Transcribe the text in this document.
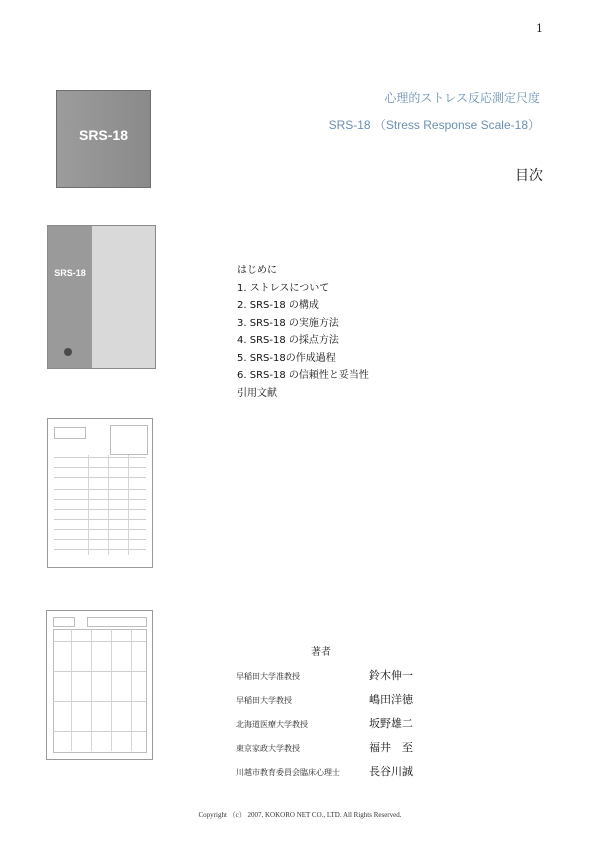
1
SRS-18
心理的ストレス反応測定尺度
SRS-18 （Stress Response Scale-18）
目次
SRS-18	はじめに
1. ストレスについて
2. SRS-18 の構成
3. SRS-18 の実施方法
4. SRS-18 の採点方法
5. SRS-18の作成過程
6. SRS-18 の信頼性と妥当性
引用文献
著者
早稲田大学准教授	鈴木伸一
早稲田大学教授	嶋田洋徳
北海道医療大学教授	坂野雄二
東京家政大学教授	福井　至
川越市教育委員会臨床心理士	長谷川誠
Copyright （c） 2007, KOKORO NET CO., LTD. All Rights Reserved.
